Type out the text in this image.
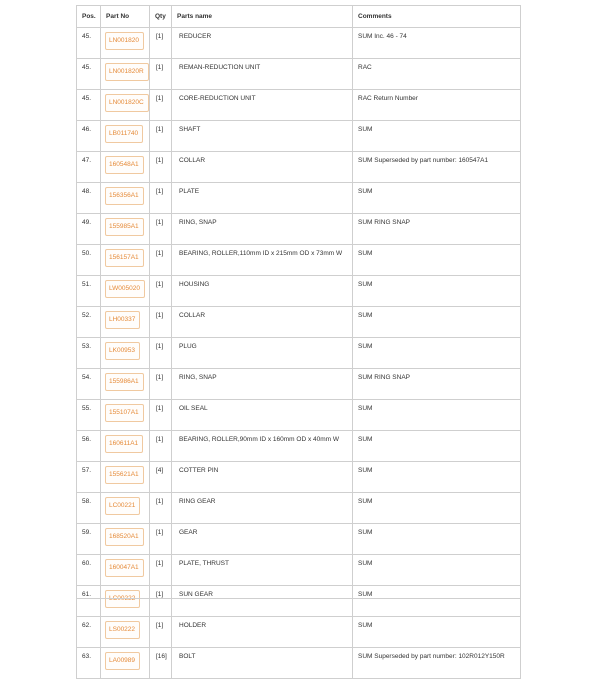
Pos.	Part No	Qty	Parts name	Comments

45.	LN001820	[1]	REDUCER	SUM Inc. 46 - 74

45.	LN001820R	[1]	REMAN-REDUCTION UNIT	RAC

45.	LN001820C	[1]	CORE-REDUCTION UNIT	RAC Return Number

46.	LB011740	[1]	SHAFT	SUM

47.	160548A1	[1]	COLLAR	SUM Superseded by part number: 160547A1

48.	156356A1	[1]	PLATE	SUM

49.	155985A1	[1]	RING, SNAP	SUM RING SNAP

50.	156157A1	[1]	BEARING, ROLLER,110mm ID x 215mm OD x 73mm W	SUM

51.	LW005020	[1]	HOUSING	SUM

52.	LH00337	[1]	COLLAR	SUM

53.	LK00953	[1]	PLUG	SUM

54.	155986A1	[1]	RING, SNAP	SUM RING SNAP

55.	155107A1	[1]	OIL SEAL	SUM

56.	160611A1	[1]	BEARING, ROLLER,90mm ID x 160mm OD x 40mm W	SUM

57.	155621A1	[4]	COTTER PIN	SUM

58.	LC00221	[1]	RING GEAR	SUM

59.	168520A1	[1]	GEAR	SUM

60.	160047A1	[1]	PLATE, THRUST	SUM

61.	LC00222	[1]	SUN GEAR	SUM

62.	LS00222	[1]	HOLDER	SUM

63.	LA00989	[16]	BOLT	SUM Superseded by part number: 102R012Y150R
